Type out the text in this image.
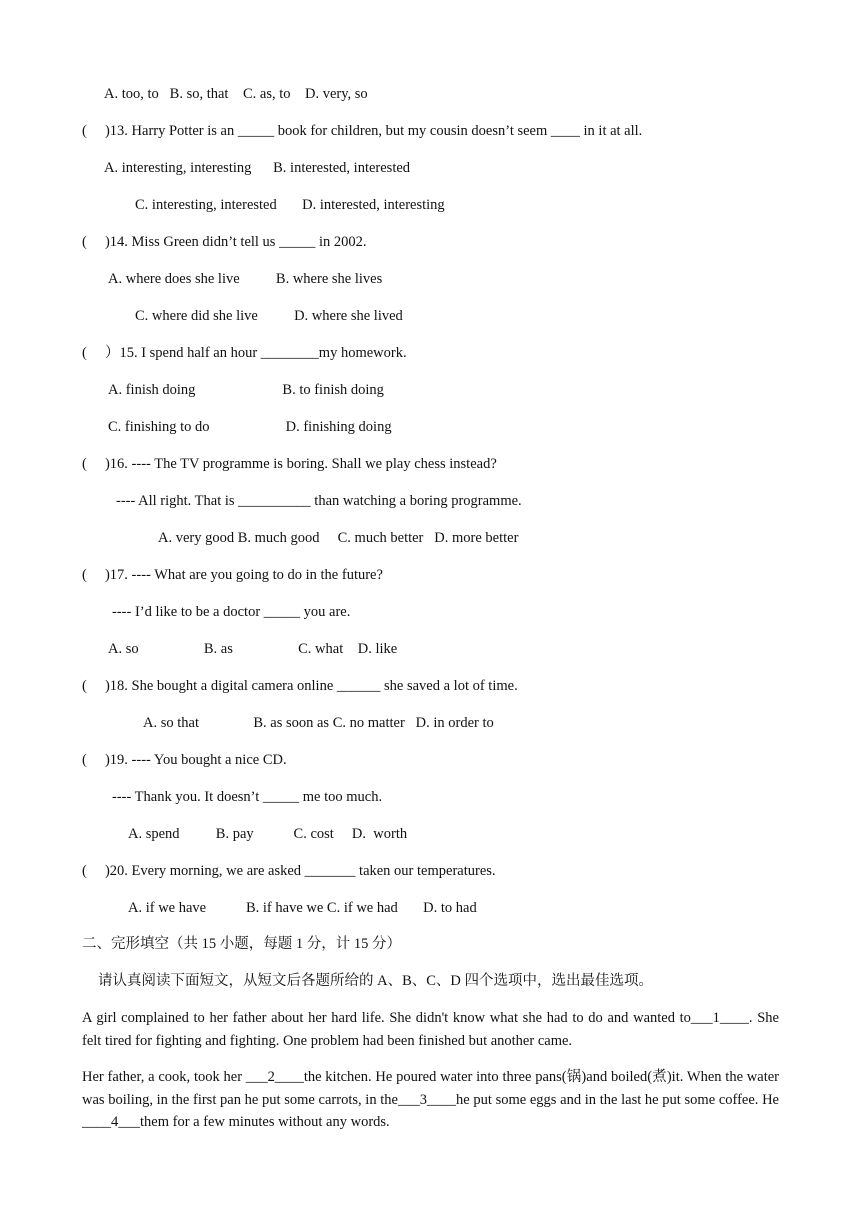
A. too, to   B. so, that    C. as, to    D. very, so
(     )13. Harry Potter is an _____ book for children, but my cousin doesn’t seem ____ in it at all.
A. interesting, interesting      B. interested, interested
C. interesting, interested       D. interested, interesting
(     )14. Miss Green didn’t tell us _____ in 2002.
A. where does she live          B. where she lives
C. where did she live          D. where she lived
(     ）15. I spend half an hour ________my homework.
A. finish doing                        B. to finish doing
C. finishing to do                     D. finishing doing
(     )16. ---- The TV programme is boring. Shall we play chess instead?
---- All right. That is __________ than watching a boring programme.
A. very good B. much good     C. much better   D. more better
(     )17. ---- What are you going to do in the future?
---- I’d like to be a doctor _____ you are.
A. so                  B. as                  C. what    D. like
(     )18. She bought a digital camera online ______ she saved a lot of time.
A. so that               B. as soon as C. no matter   D. in order to
(     )19. ---- You bought a nice CD.
---- Thank you. It doesn’t _____ me too much.
A. spend          B. pay           C. cost     D.  worth
(     )20. Every morning, we are asked _______ taken our temperatures.
A. if we have           B. if have we C. if we had       D. to had
二、完形填空（共 15 小题，每题 1 分，计 15 分）
请认真阅读下面短文，从短文后各题所给的 A、B、C、D 四个选项中，选出最佳选项。
A girl complained to her father about her hard life. She didn't know what she had to do and wanted to___1____. She felt tired for fighting and fighting. One problem had been finished but another came.
Her father, a cook, took her ___2____the kitchen. He poured water into three pans(锅)and boiled(煮)it. When the water was boiling, in the first pan he put some carrots, in the___3____he put some eggs and in the last he put some coffee. He ____4___them for a few minutes without any words.
